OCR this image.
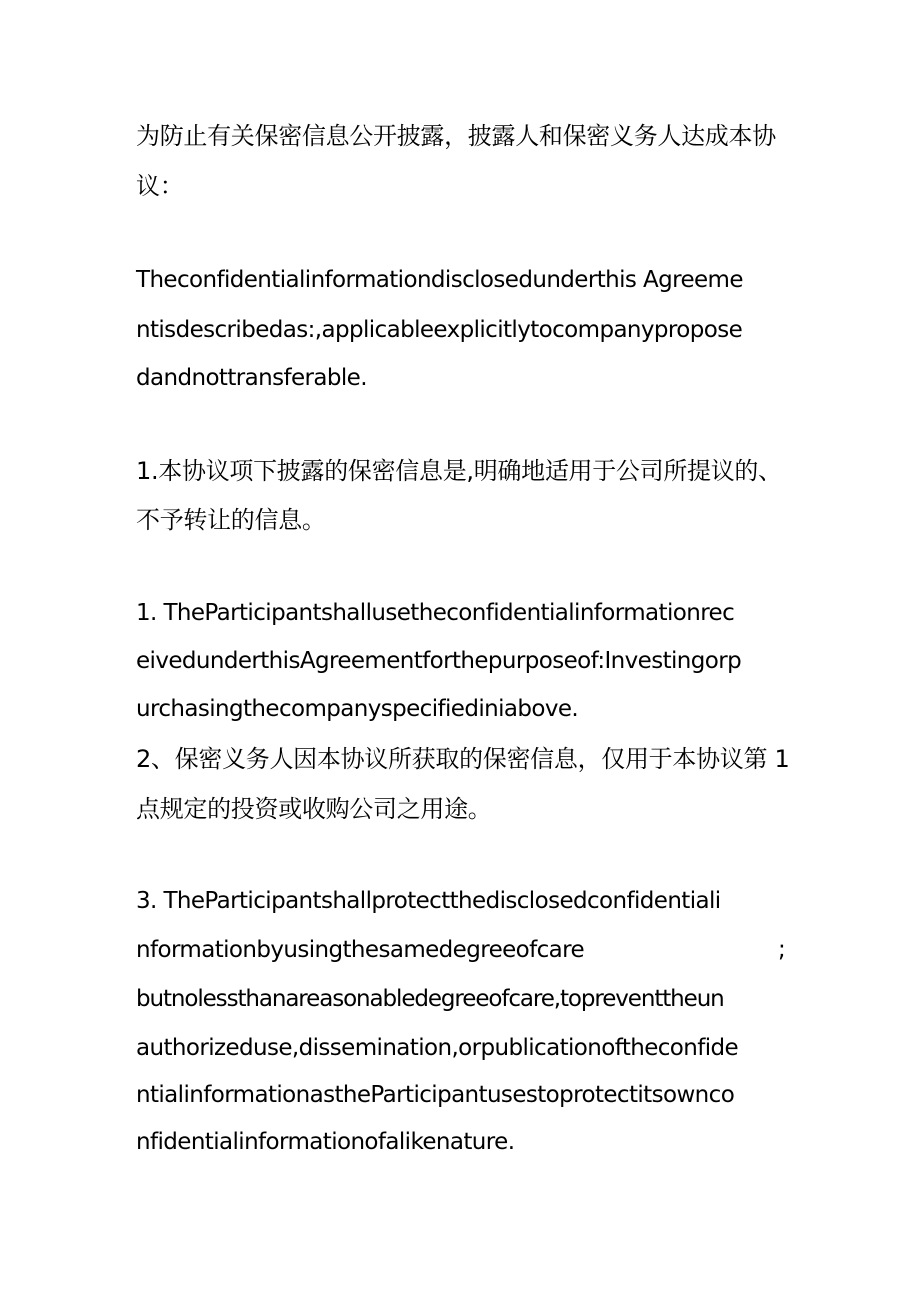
为防止有关保密信息公开披露，披露人和保密义务人达成本协
议：
Theconfidentialinformationdisclosedunderthis Agreeme
ntisdescribedas:,applicableexplicitlytocompanypropose
dandnottransferable.
1.本协议项下披露的保密信息是,明确地适用于公司所提议的、
不予转让的信息。
1. TheParticipantshallusetheconfidentialinformationrec
eivedunderthisAgreementforthepurposeof:Investingorp
urchasingthecompanyspecifiediniabove.
2、保密义务人因本协议所获取的保密信息，仅用于本协议第 1
点规定的投资或收购公司之用途。
3. TheParticipantshallprotectthedisclosedconfidentiali
nformationbyusingthesamedegreeofcare	;
butnolessthanareasonabledegreeofcare,topreventtheun
authorizeduse,dissemination,orpublicationoftheconfide
ntialinformationastheParticipantusestoprotectitsownco
nfidentialinformationofalikenature.
